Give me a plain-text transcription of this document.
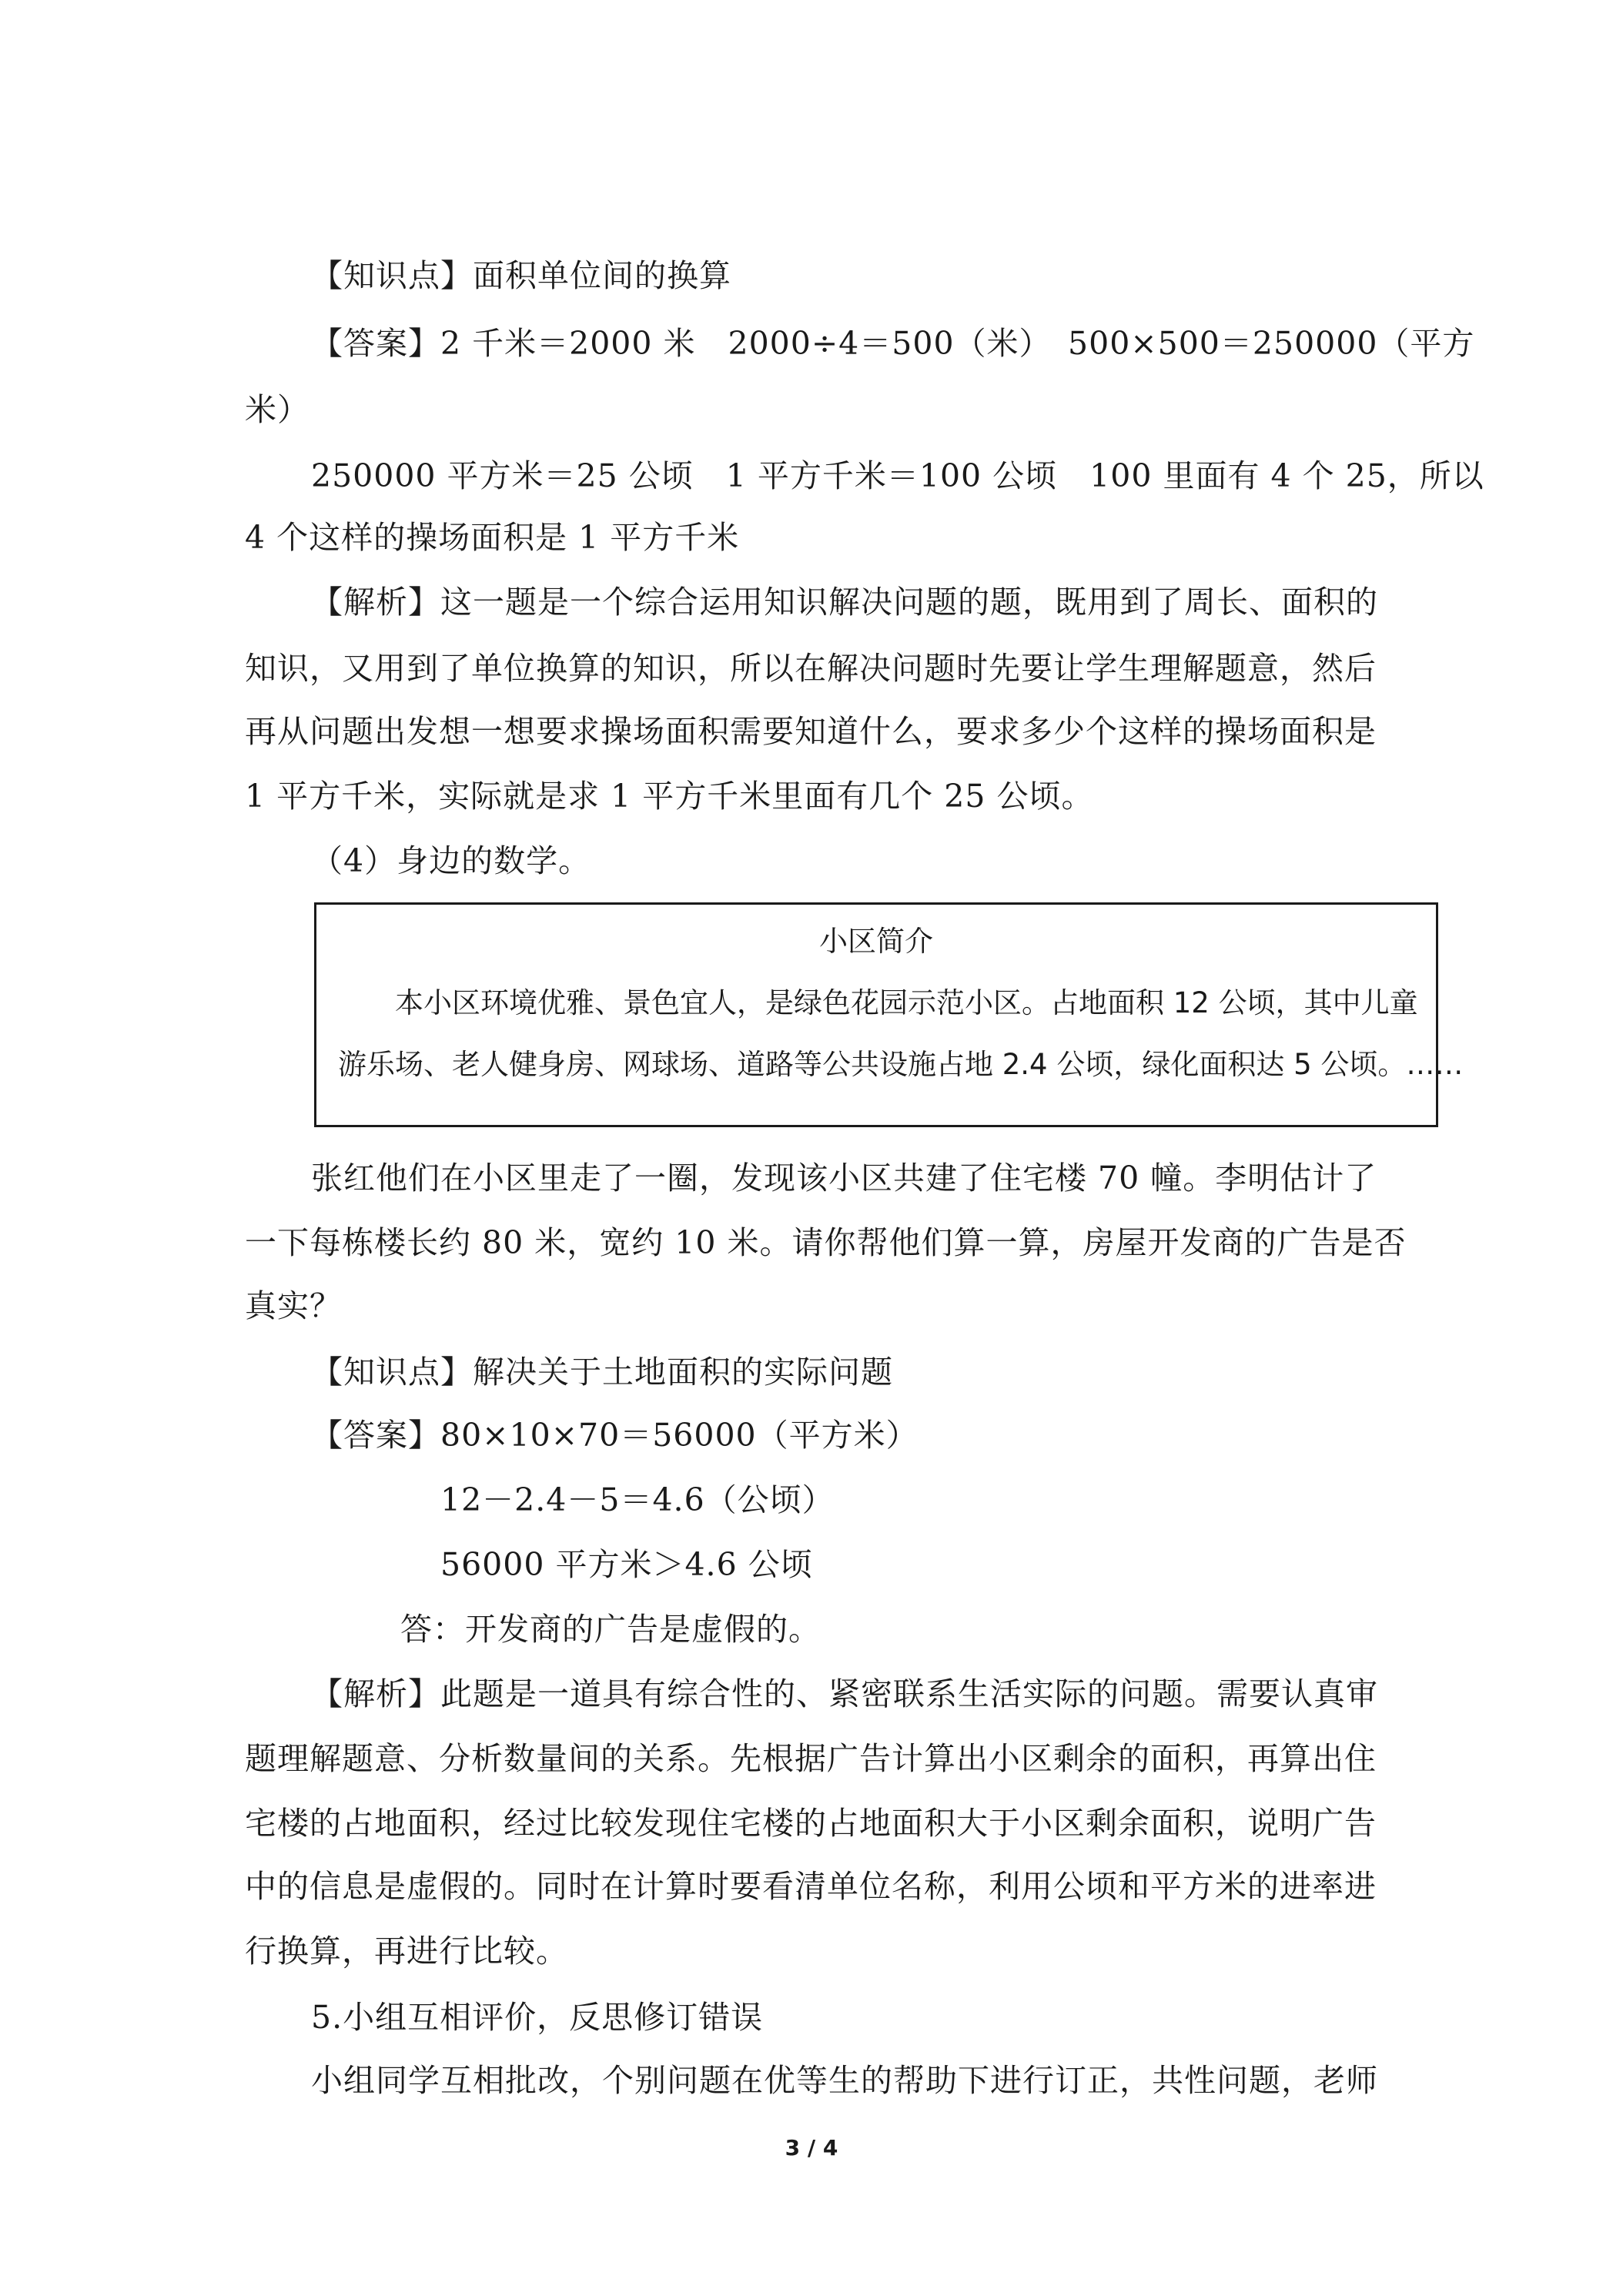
【知识点】面积单位间的换算
【答案】2 千米＝2000 米　2000÷4＝500（米）　500×500＝250000（平方
米）
250000 平方米＝25 公顷　1 平方千米＝100 公顷　100 里面有 4 个 25，所以
4 个这样的操场面积是 1 平方千米
【解析】这一题是一个综合运用知识解决问题的题，既用到了周长、面积的
知识，又用到了单位换算的知识，所以在解决问题时先要让学生理解题意，然后
再从问题出发想一想要求操场面积需要知道什么，要求多少个这样的操场面积是
1 平方千米，实际就是求 1 平方千米里面有几个 25 公顷。
（4）身边的数学。
小区简介
本小区环境优雅、景色宜人，是绿色花园示范小区。占地面积 12 公顷，其中儿童
游乐场、老人健身房、网球场、道路等公共设施占地 2.4 公顷，绿化面积达 5 公顷。……
张红他们在小区里走了一圈，发现该小区共建了住宅楼 70 幢。李明估计了
一下每栋楼长约 80 米，宽约 10 米。请你帮他们算一算，房屋开发商的广告是否
真实？
【知识点】解决关于土地面积的实际问题
【答案】80×10×70＝56000（平方米）
12－2.4－5＝4.6（公顷）
56000 平方米＞4.6 公顷
答：开发商的广告是虚假的。
【解析】此题是一道具有综合性的、紧密联系生活实际的问题。需要认真审
题理解题意、分析数量间的关系。先根据广告计算出小区剩余的面积，再算出住
宅楼的占地面积，经过比较发现住宅楼的占地面积大于小区剩余面积，说明广告
中的信息是虚假的。同时在计算时要看清单位名称，利用公顷和平方米的进率进
行换算，再进行比较。
5.小组互相评价，反思修订错误
小组同学互相批改，个别问题在优等生的帮助下进行订正，共性问题，老师
3 / 4
